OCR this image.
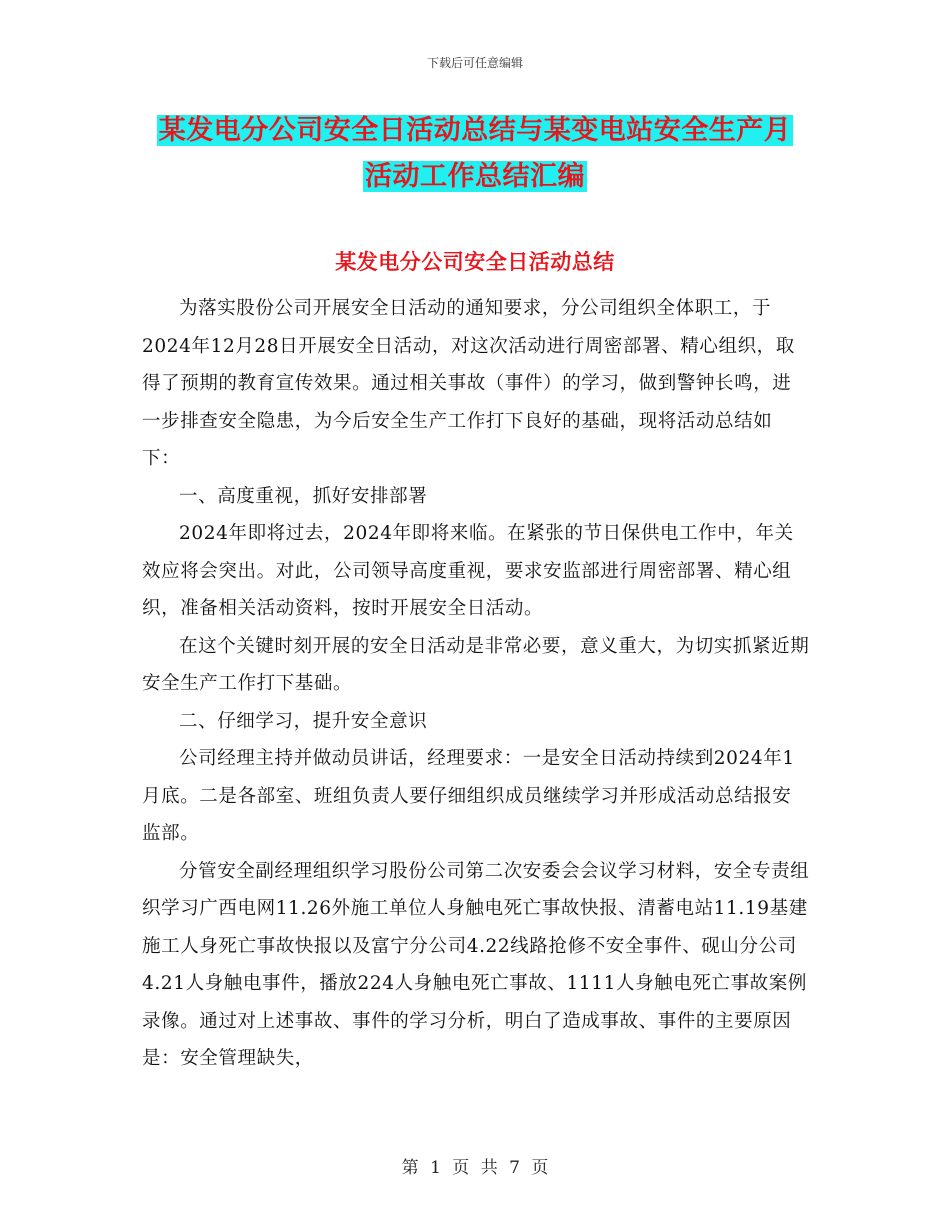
下载后可任意编辑
某发电分公司安全日活动总结与某变电站安全生产月
活动工作总结汇编
某发电分公司安全日活动总结

为落实股份公司开展安全日活动的通知要求，分公司组织全体职工，于2024年12月28日开展安全日活动，对这次活动进行周密部署、精心组织，取得了预期的教育宣传效果。通过相关事故（事件）的学习，做到警钟长鸣，进一步排查安全隐患，为今后安全生产工作打下良好的基础，现将活动总结如下：

一、高度重视，抓好安排部署

2024年即将过去，2024年即将来临。在紧张的节日保供电工作中，年关效应将会突出。对此，公司领导高度重视，要求安监部进行周密部署、精心组织，准备相关活动资料，按时开展安全日活动。

在这个关键时刻开展的安全日活动是非常必要，意义重大，为切实抓紧近期安全生产工作打下基础。

二、仔细学习，提升安全意识

公司经理主持并做动员讲话，经理要求：一是安全日活动持续到2024年1月底。二是各部室、班组负责人要仔细组织成员继续学习并形成活动总结报安监部。

分管安全副经理组织学习股份公司第二次安委会会议学习材料，安全专责组织学习广西电网11.26外施工单位人身触电死亡事故快报、清蓄电站11.19基建施工人身死亡事故快报以及富宁分公司4.22线路抢修不安全事件、砚山分公司4.21人身触电事件，播放224人身触电死亡事故、1111人身触电死亡事故案例录像。通过对上述事故、事件的学习分析，明白了造成事故、事件的主要原因是：安全管理缺失，

第 1 页 共 7 页
